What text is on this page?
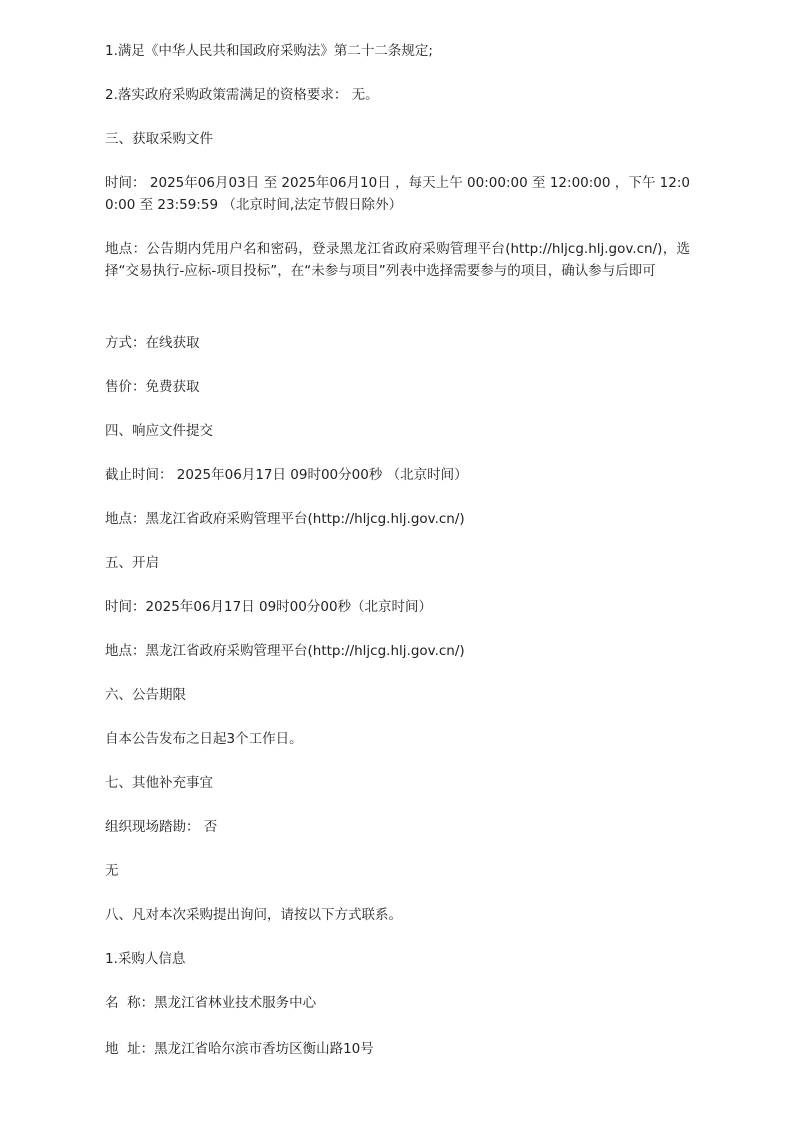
1.满足《中华人民共和国政府采购法》第二十二条规定;

2.落实政府采购政策需满足的资格要求： 无。

三、获取采购文件

时间： 2025年06月03日 至 2025年06月10日 ，每天上午 00:00:00 至 12:00:00 ，下午 12:00:00 至 23:59:59 （北京时间,法定节假日除外）

地点：公告期内凭用户名和密码，登录黑龙江省政府采购管理平台(http://hljcg.hlj.gov.cn/)，选择“交易执行-应标-项目投标”，在“未参与项目”列表中选择需要参与的项目，确认参与后即可

方式：在线获取

售价：免费获取

四、响应文件提交

截止时间： 2025年06月17日 09时00分00秒 （北京时间）

地点：黑龙江省政府采购管理平台(http://hljcg.hlj.gov.cn/)

五、开启

时间：2025年06月17日 09时00分00秒（北京时间）

地点：黑龙江省政府采购管理平台(http://hljcg.hlj.gov.cn/)

六、公告期限

自本公告发布之日起3个工作日。

七、其他补充事宜

组织现场踏勘： 否

无

八、凡对本次采购提出询问，请按以下方式联系。

1.采购人信息

名  称：黑龙江省林业技术服务中心

地  址：黑龙江省哈尔滨市香坊区衡山路10号
